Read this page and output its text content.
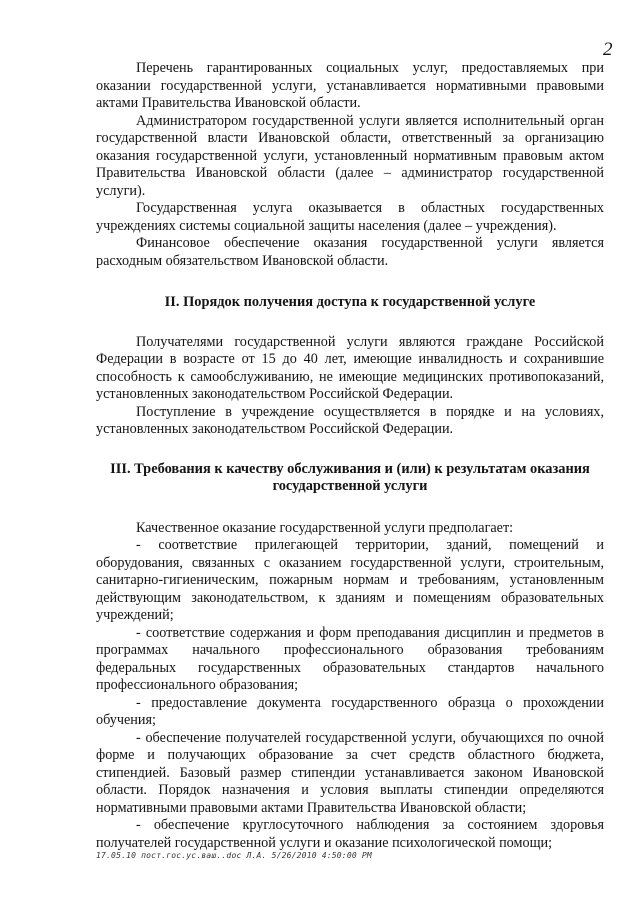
2

Перечень гарантированных социальных услуг, предоставляемых при оказании государственной услуги, устанавливается нормативными правовыми актами Правительства Ивановской области.

Администратором государственной услуги является исполнительный орган государственной власти Ивановской области, ответственный за организацию оказания государственной услуги, установленный нормативным правовым актом Правительства Ивановской области (далее – администратор государственной услуги).

Государственная услуга оказывается в областных государственных учреждениях системы социальной защиты населения (далее – учреждения).

Финансовое обеспечение оказания государственной услуги является расходным обязательством Ивановской области.

II. Порядок получения доступа к государственной услуге

Получателями государственной услуги являются граждане Российской Федерации в возрасте от 15 до 40 лет, имеющие инвалидность и сохранившие способность к самообслуживанию, не имеющие медицинских противопоказаний, установленных законодательством Российской Федерации.

Поступление в учреждение осуществляется в порядке и на условиях, установленных законодательством Российской Федерации.

III. Требования к качеству обслуживания и (или) к результатам оказания государственной услуги

Качественное оказание государственной услуги предполагает:

- соответствие прилегающей территории, зданий, помещений и оборудования, связанных с оказанием государственной услуги, строительным, санитарно-гигиеническим, пожарным нормам и требованиям, установленным действующим законодательством, к зданиям и помещениям образовательных учреждений;

- соответствие содержания и форм преподавания дисциплин и предметов в программах начального профессионального образования требованиям федеральных государственных образовательных стандартов начального профессионального образования;

- предоставление документа государственного образца о прохождении обучения;

- обеспечение получателей государственной услуги, обучающихся по очной форме и получающих образование за счет средств областного бюджета, стипендией. Базовый размер стипендии устанавливается законом Ивановской области. Порядок назначения и условия выплаты стипендии определяются нормативными правовыми актами Правительства Ивановской области;

- обеспечение круглосуточного наблюдения за состоянием здоровья получателей государственной услуги и оказание психологической помощи;

17.05.10 пост.гос.ус.ваш..doc Л.А. 5/26/2010 4:50:00 PM
